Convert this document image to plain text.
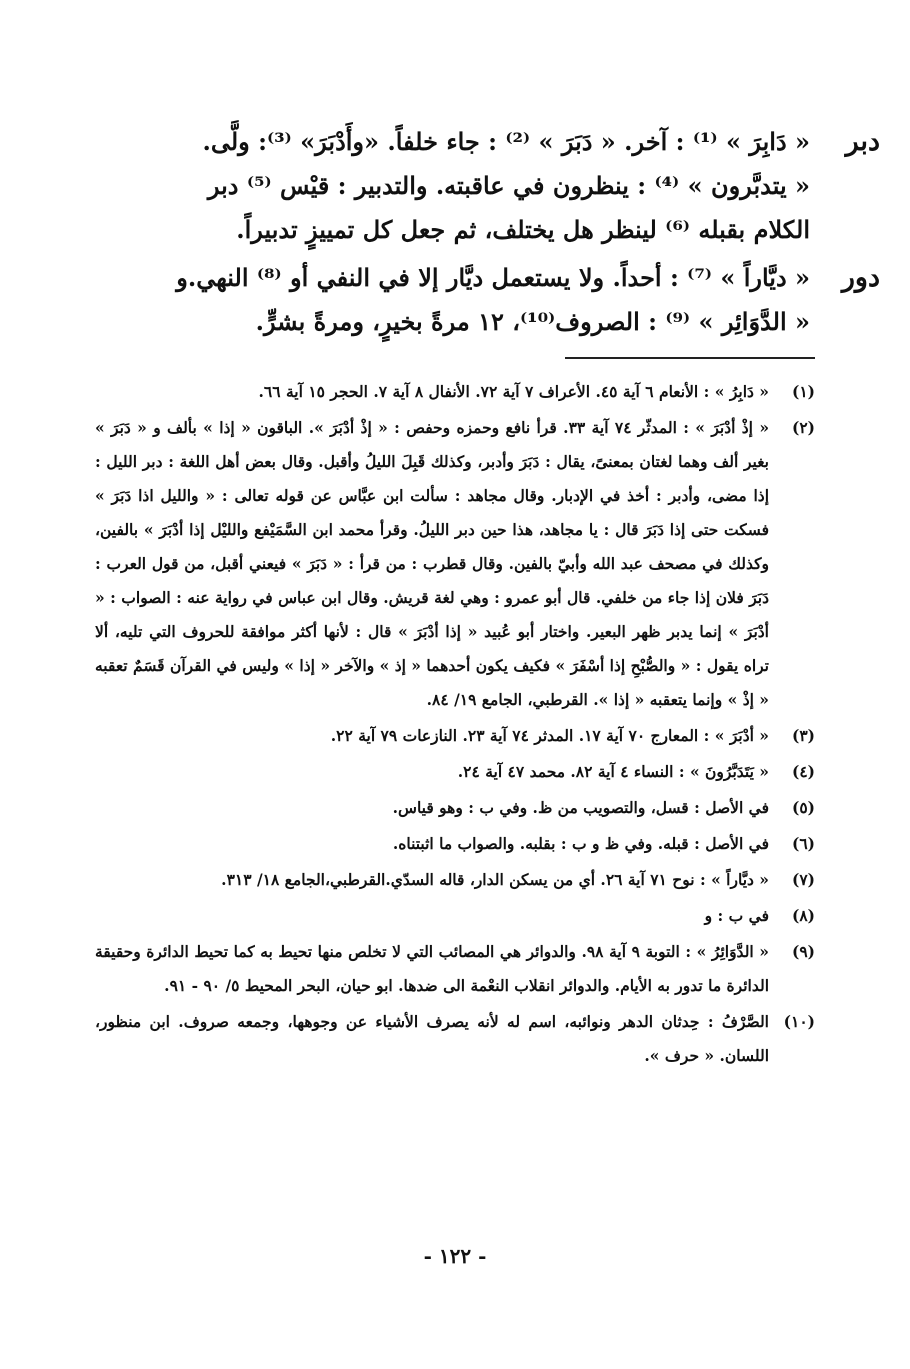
دبر
« دَابِرَ » ⁽¹⁾ : آخر. « دَبَرَ » ⁽²⁾ : جاء خلفاً. «وأَدْبَرَ» ⁽³⁾: ولَّى.
« يتدبَّرون » ⁽⁴⁾ : ينظرون في عاقبته. والتدبير : قيْس ⁽⁵⁾ دبر
الكلام بقبله ⁽⁶⁾ لينظر هل يختلف، ثم جعل كل تمييزٍ تدبيراً.
دور
« ديَّاراً » ⁽⁷⁾ : أحداً. ولا يستعمل ديَّار إلا في النفي أو ⁽⁸⁾ النهي.و
« الدَّوَائِر » ⁽⁹⁾ : الصروف⁽¹⁰⁾، ١٢ مرةً بخيرٍ، ومرةً بشرٍّ.
(١)
« دَابِرُ » : الأنعام ٦ آية ٤٥. الأعراف ٧ آية ٧٢. الأنفال ٨ آية ٧. الحجر ١٥ آية ٦٦.
(٢)
« إذْ أدْبَرَ » : المدثّر ٧٤ آية ٣٣. قرأ نافع وحمزه وحفص : « إذْ أدْبَرَ ». الباقون « إذا » بألف و « دَبَرَ » بغير ألف وهما لغتان بمعنىً، يقال : دَبَرَ وأدبر، وكذلك قَبِلَ الليلُ وأقبل. وقال بعض أهل اللغة : دبر الليل : إذا مضى، وأدبر : أخذ في الإدبار. وقال مجاهد : سألت ابن عبَّاس عن قوله تعالى : « والليل اذا دَبَرَ » فسكت حتى إذا دَبَرَ قال : يا مجاهد، هذا حين دبر الليلُ. وقرأ محمد ابن السَّمَيْفع والليْل إذا أدْبَرَ » بالفين، وكذلك في مصحف عبد الله وأبيّ بالفين. وقال قطرب : من قرأ : « دَبَرَ » فيعني أقبل، من قول العرب : دَبَرَ فلان إذا جاء من خلفي. قال أبو عمرو : وهي لغة قريش. وقال ابن عباس في رواية عنه : الصواب : « أدْبَرَ » إنما يدبر ظهر البعير. واختار أبو عُبيد « إذا أدْبَرَ » قال : لأنها أكثر موافقة للحروف التي تليه، ألا تراه يقول : « والصُّبْحِ إذا أسْفَرَ » فكيف يكون أحدهما « إذ » والآخر « إذا » وليس في القرآن قَسَمٌ تعقبه « إذْ » وإنما يتعقبه « إذا ». القرطبي، الجامع ١٩/ ٨٤.
(٣)
« أدْبَرَ » : المعارج ٧٠ آية ١٧. المدثر ٧٤ آية ٢٣. النازعات ٧٩ آية ٢٢.
(٤)
« يَتَدَبَّرُونَ » : النساء ٤ آية ٨٢. محمد ٤٧ آية ٢٤.
(٥)
في الأصل : قسل، والتصويب من ظ. وفي ب : وهو قياس.
(٦)
في الأصل : قبله. وفي ظ و ب : بقلبه. والصواب ما اثبتناه.
(٧)
« ديَّاراً » : نوح ٧١ آية ٢٦. أي من يسكن الدار، قاله السدّي.القرطبي،الجامع ١٨/ ٣١٣.
(٨)
في ب : و
(٩)
« الدَّوَائِرُ » : التوبة ٩ آية ٩٨. والدوائر هي المصائب التي لا تخلص منها تحيط به كما تحيط الدائرة وحقيقة الدائرة ما تدور به الأيام. والدوائر انقلاب النعْمة الى ضدها. ابو حيان، البحر المحيط ٥/ ٩٠ - ٩١.
(١٠)
الصَّرْفُ : حِدثان الدهر ونوائبه، اسم له لأنه يصرف الأشياء عن وجوهها، وجمعه صروف. ابن منظور، اللسان. « حرف ».
- ١٢٢ -
